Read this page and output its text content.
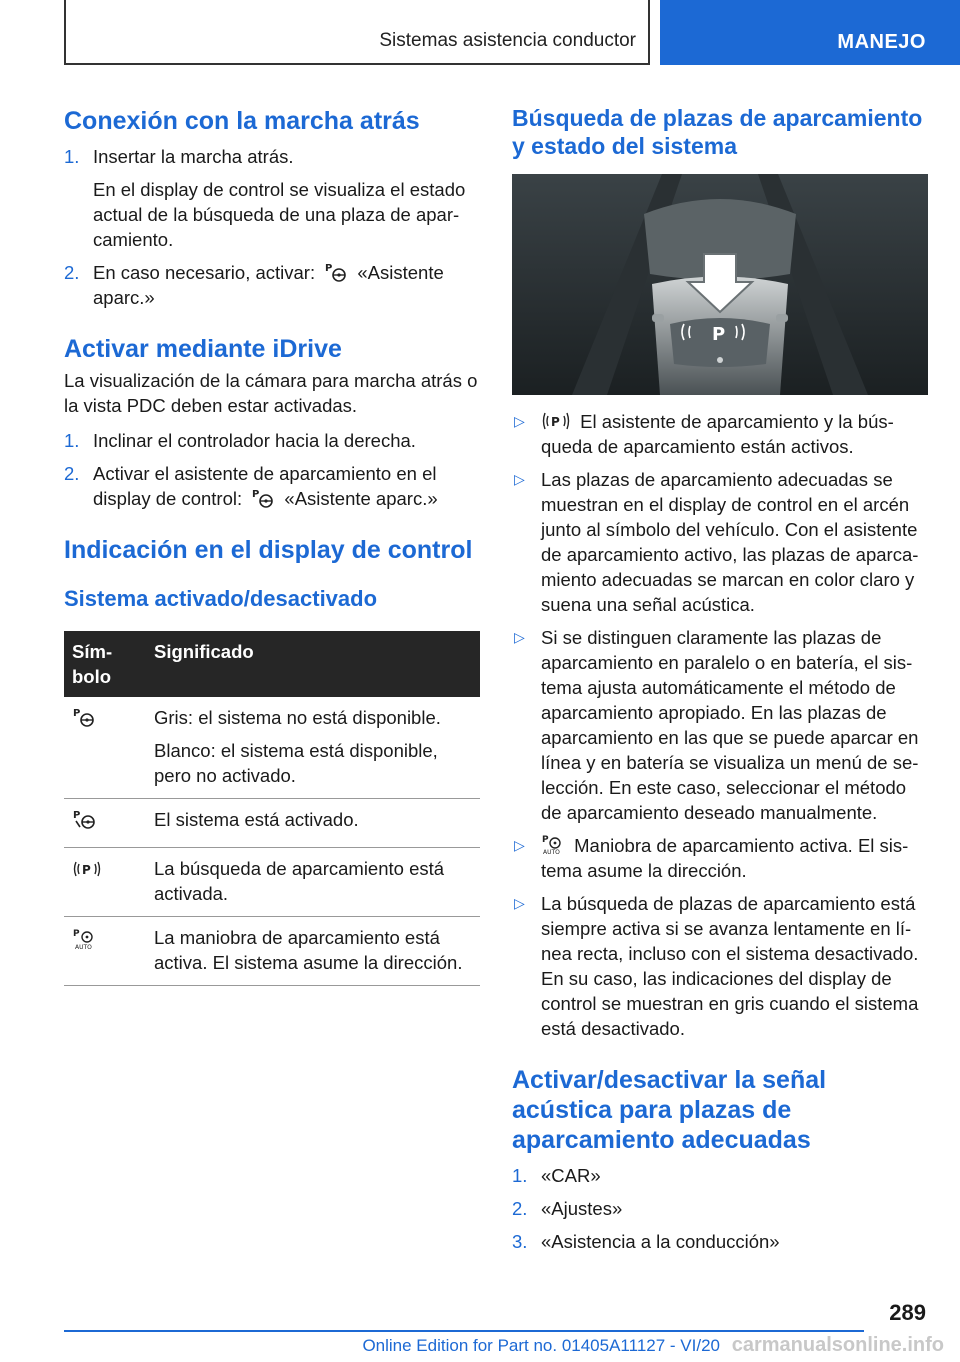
Sistemas asistencia conductor	MANEJO
Conexión con la marcha atrás
1. Insertar la marcha atrás.
En el display de control se visualiza el estado actual de la búsqueda de una plaza de aparcamiento.
2. En caso necesario, activar: P «Asistente aparc.»
Activar mediante iDrive

La visualización de la cámara para marcha atrás o la vista PDC deben estar activadas.

1. Inclinar el controlador hacia la derecha.
2. Activar el asistente de aparcamiento en el display de control: P «Asistente aparc.»
Indicación en el display de control
Sistema activado/desactivado
Símbolo	Significado

P	Gris: el sistema no está disponible.
Blanco: el sistema está disponible, pero no activado.

P	El sistema está activado.

P	La búsqueda de aparcamiento está activada.

P
AUTO	La maniobra de aparcamiento está activa. El sistema asume la dirección.
Búsqueda de plazas de aparcamiento y estado del sistema
P
▷	P El asistente de aparcamiento y la búsqueda de aparcamiento están activos.
▷ Las plazas de aparcamiento adecuadas se muestran en el display de control en el arcén junto al símbolo del vehículo. Con el asistente de aparcamiento activo, las plazas de aparcamiento adecuadas se marcan en color claro y suena una señal acústica.
▷ Si se distinguen claramente las plazas de aparcamiento en paralelo o en batería, el sistema ajusta automáticamente el método de aparcamiento apropiado. En las plazas de aparcamiento en las que se puede aparcar en línea y en batería se visualiza un menú de selección. En este caso, seleccionar el método de aparcamiento deseado manualmente.
▷	P
AUTO Maniobra de aparcamiento activa. El sistema asume la dirección.
▷ La búsqueda de plazas de aparcamiento está siempre activa si se avanza lentamente en línea recta, incluso con el sistema desactivado. En su caso, las indicaciones del display de control se muestran en gris cuando el sistema está desactivado.
Activar/desactivar la señal acústica para plazas de aparcamiento adecuadas
1. «CAR»
2. «Ajustes»
3. «Asistencia a la conducción»
289
Online Edition for Part no. 01405A11127 - VI/20 carmanualsonline.info
